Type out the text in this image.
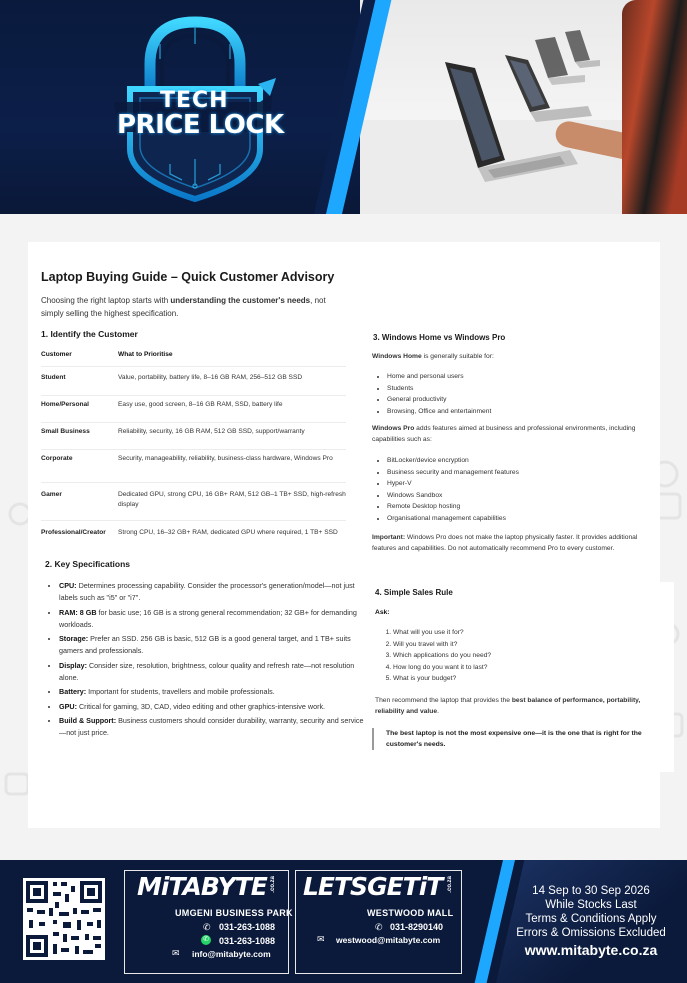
TECH
PRICE LOCK
Laptop Buying Guide – Quick Customer Advisory
Choosing the right laptop starts with understanding the customer's needs, not simply selling the highest specification.
1. Identify the Customer
Customer	What to Prioritise
Student	Value, portability, battery life, 8–16 GB RAM, 256–512 GB SSD
Home/Personal	Easy use, good screen, 8–16 GB RAM, SSD, battery life
Small Business	Reliability, security, 16 GB RAM, 512 GB SSD, support/warranty
Corporate	Security, manageability, reliability, business-class hardware, Windows Pro
Gamer	Dedicated GPU, strong CPU, 16 GB+ RAM, 512 GB–1 TB+ SSD, high-refresh display
Professional/Creator	Strong CPU, 16–32 GB+ RAM, dedicated GPU where required, 1 TB+ SSD
2. Key Specifications
• CPU: Determines processing capability. Consider the processor's generation/model—not just labels such as "i5" or "i7".
• RAM: 8 GB for basic use; 16 GB is a strong general recommendation; 32 GB+ for demanding workloads.
• Storage: Prefer an SSD. 256 GB is basic, 512 GB is a good general target, and 1 TB+ suits gamers and professionals.
• Display: Consider size, resolution, brightness, colour quality and refresh rate—not resolution alone.
• Battery: Important for students, travellers and mobile professionals.
• GPU: Critical for gaming, 3D, CAD, video editing and other graphics-intensive work.
• Build & Support: Business customers should consider durability, warranty, security and service—not just price.
3. Windows Home vs Windows Pro
Windows Home is generally suitable for:
• Home and personal users
• Students
• General productivity
• Browsing, Office and entertainment
Windows Pro adds features aimed at business and professional environments, including capabilities such as:
• BitLocker/device encryption
• Business security and management features
• Hyper-V
• Windows Sandbox
• Remote Desktop hosting
• Organisational management capabilities
Important: Windows Pro does not make the laptop physically faster. It provides additional features and capabilities. Do not automatically recommend Pro to every customer.
4. Simple Sales Rule
Ask:
1. What will you use it for?
2. Will you travel with it?
3. Which applications do you need?
4. How long do you want it to last?
5. What is your budget?
Then recommend the laptop that provides the best balance of performance, portability, reliability and value.
The best laptop is not the most expensive one—it is the one that is right for the customer's needs.
MiTABYTE .co.za
UMGENI BUSINESS PARK
✆ 031-263-1088
✆ 031-263-1088
✉ info@mitabyte.com
LETSGETiT .co.za
WESTWOOD MALL
✆ 031-8290140
✉ westwood@mitabyte.com
14 Sep to 30 Sep 2026
While Stocks Last
Terms & Conditions Apply
Errors & Omissions Excluded
www.mitabyte.co.za
